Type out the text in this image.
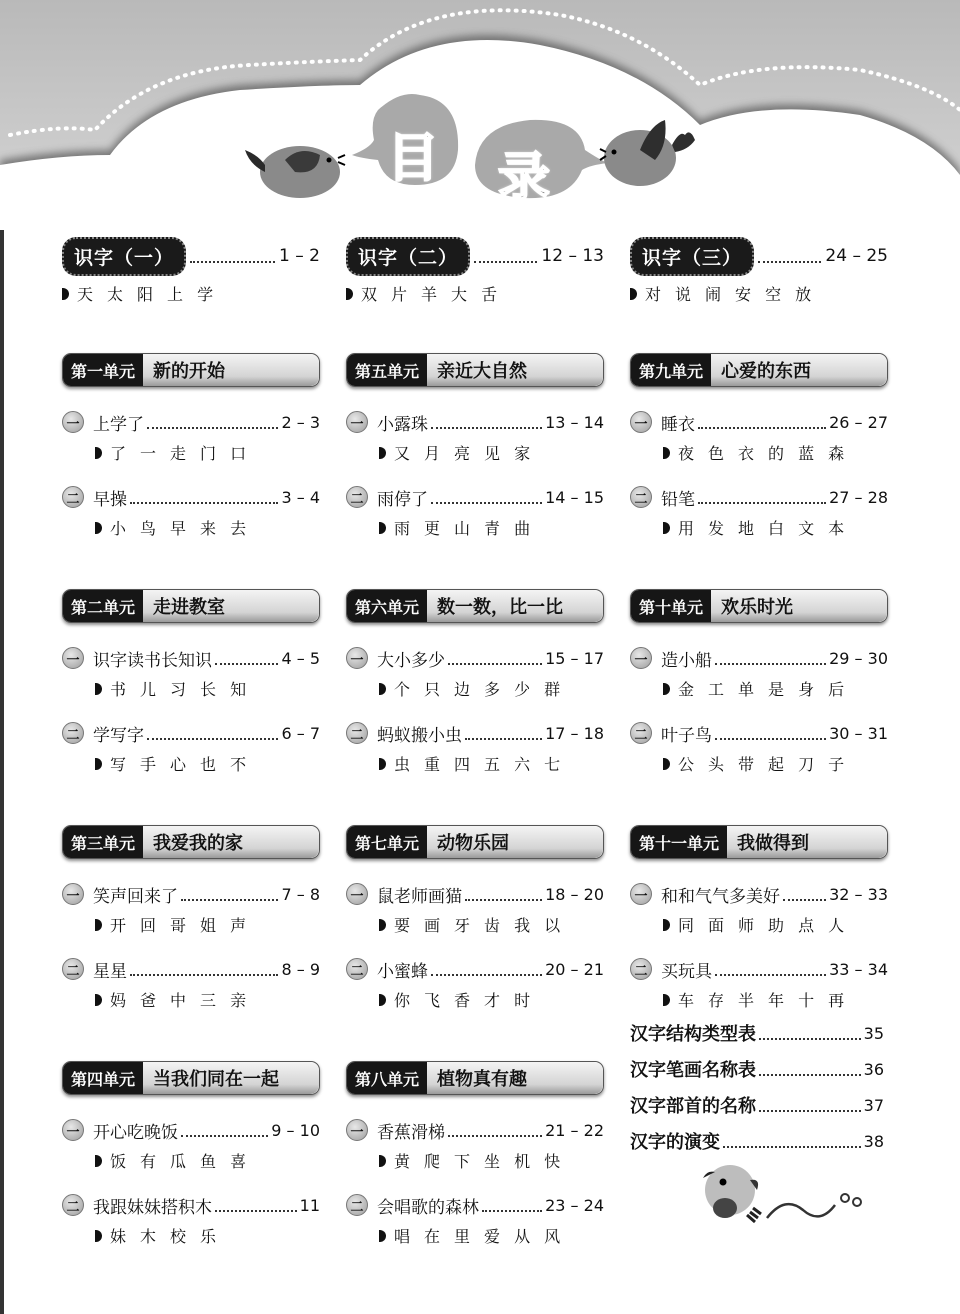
目 录
识字（一）	1 – 2
天 太 阳 上 学
第一单元	新的开始
一 上学了	2 – 3
了 一 走 门 口
二 早操	3 – 4
小 鸟 早 来 去
第二单元	走进教室
一 识字读书长知识	4 – 5
书 儿 习 长 知
二 学写字	6 – 7
写 手 心 也 不
第三单元	我爱我的家
一 笑声回来了	7 – 8
开 回 哥 姐 声
二 星星	8 – 9
妈 爸 中 三 亲
第四单元	当我们同在一起
一 开心吃晚饭	9 – 10
饭 有 瓜 鱼 喜
二 我跟妹妹搭积木	11
妹 木 校 乐
识字（二）	12 – 13
双 片 羊 大 舌
第五单元	亲近大自然
一 小露珠	13 – 14
又 月 亮 见 家
二 雨停了	14 – 15
雨 更 山 青 曲
第六单元	数一数，比一比
一 大小多少	15 – 17
个 只 边 多 少 群
二 蚂蚁搬小虫	17 – 18
虫 重 四 五 六 七
第七单元	动物乐园
一 鼠老师画猫	18 – 20
要 画 牙 齿 我 以
二 小蜜蜂	20 – 21
你 飞 香 才 时
第八单元	植物真有趣
一 香蕉滑梯	21 – 22
黄 爬 下 坐 机 快
二 会唱歌的森林	23 – 24
唱 在 里 爱 从 风
识字（三）	24 – 25
对 说 闹 安 空 放
第九单元	心爱的东西
一 睡衣	26 – 27
夜 色 衣 的 蓝 森
二 铅笔	27 – 28
用 发 地 白 文 本
第十单元	欢乐时光
一 造小船	29 – 30
金 工 单 是 身 后
二 叶子鸟	30 – 31
公 头 带 起 刀 子
第十一单元	我做得到
一 和和气气多美好	32 – 33
同 面 师 助 点 人
二 买玩具	33 – 34
车 存 半 年 十 再
汉字结构类型表	35
汉字笔画名称表	36
汉字部首的名称	37
汉字的演变	38
